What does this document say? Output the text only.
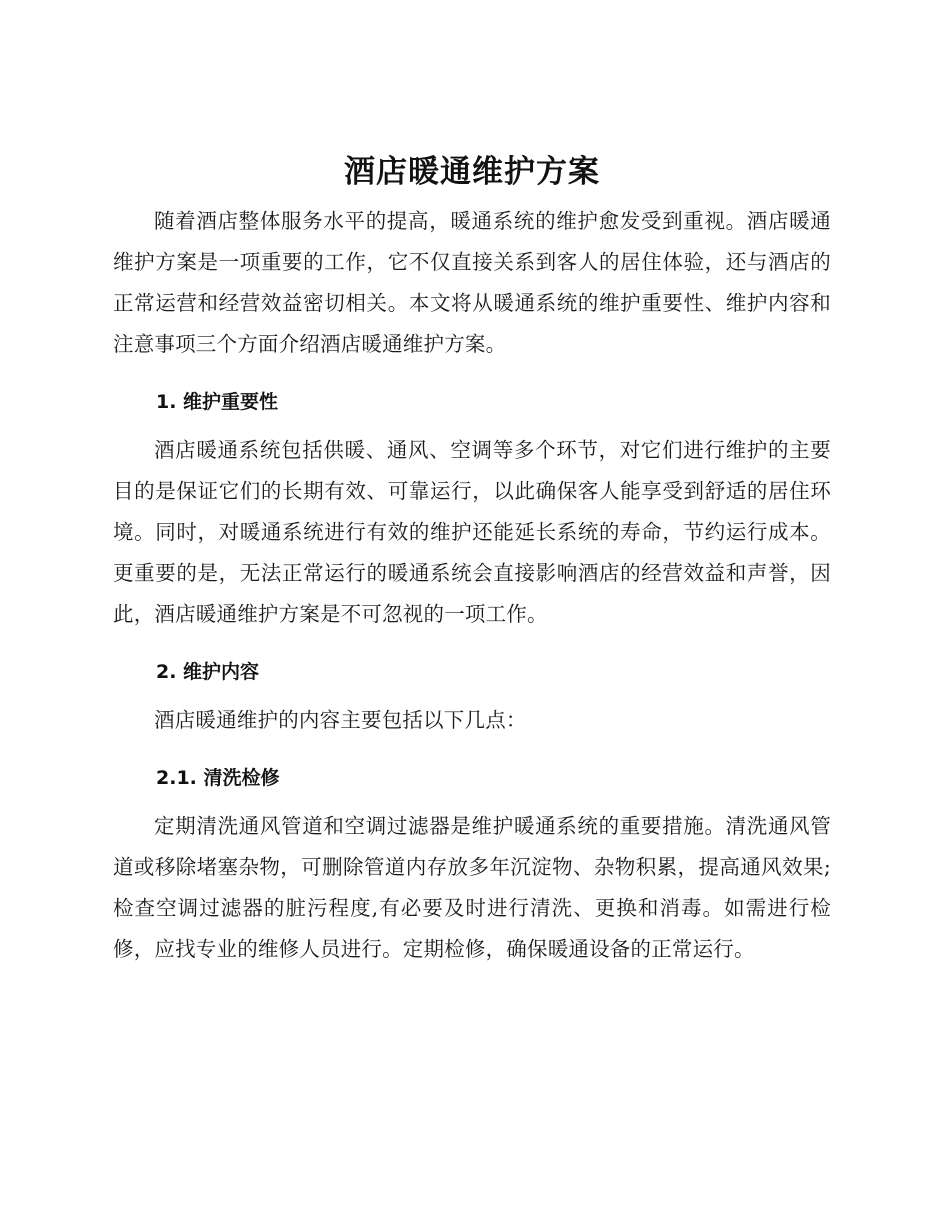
酒店暖通维护方案

随着酒店整体服务水平的提高，暖通系统的维护愈发受到重视。酒店暖通维护方案是一项重要的工作，它不仅直接关系到客人的居住体验，还与酒店的正常运营和经营效益密切相关。本文将从暖通系统的维护重要性、维护内容和注意事项三个方面介绍酒店暖通维护方案。

1. 维护重要性

酒店暖通系统包括供暖、通风、空调等多个环节，对它们进行维护的主要目的是保证它们的长期有效、可靠运行，以此确保客人能享受到舒适的居住环境。同时，对暖通系统进行有效的维护还能延长系统的寿命，节约运行成本。更重要的是，无法正常运行的暖通系统会直接影响酒店的经营效益和声誉，因此，酒店暖通维护方案是不可忽视的一项工作。

2. 维护内容

酒店暖通维护的内容主要包括以下几点：

2.1. 清洗检修

定期清洗通风管道和空调过滤器是维护暖通系统的重要措施。清洗通风管道或移除堵塞杂物，可删除管道内存放多年沉淀物、杂物积累，提高通风效果;检查空调过滤器的脏污程度,有必要及时进行清洗、更换和消毒。如需进行检修，应找专业的维修人员进行。定期检修，确保暖通设备的正常运行。
